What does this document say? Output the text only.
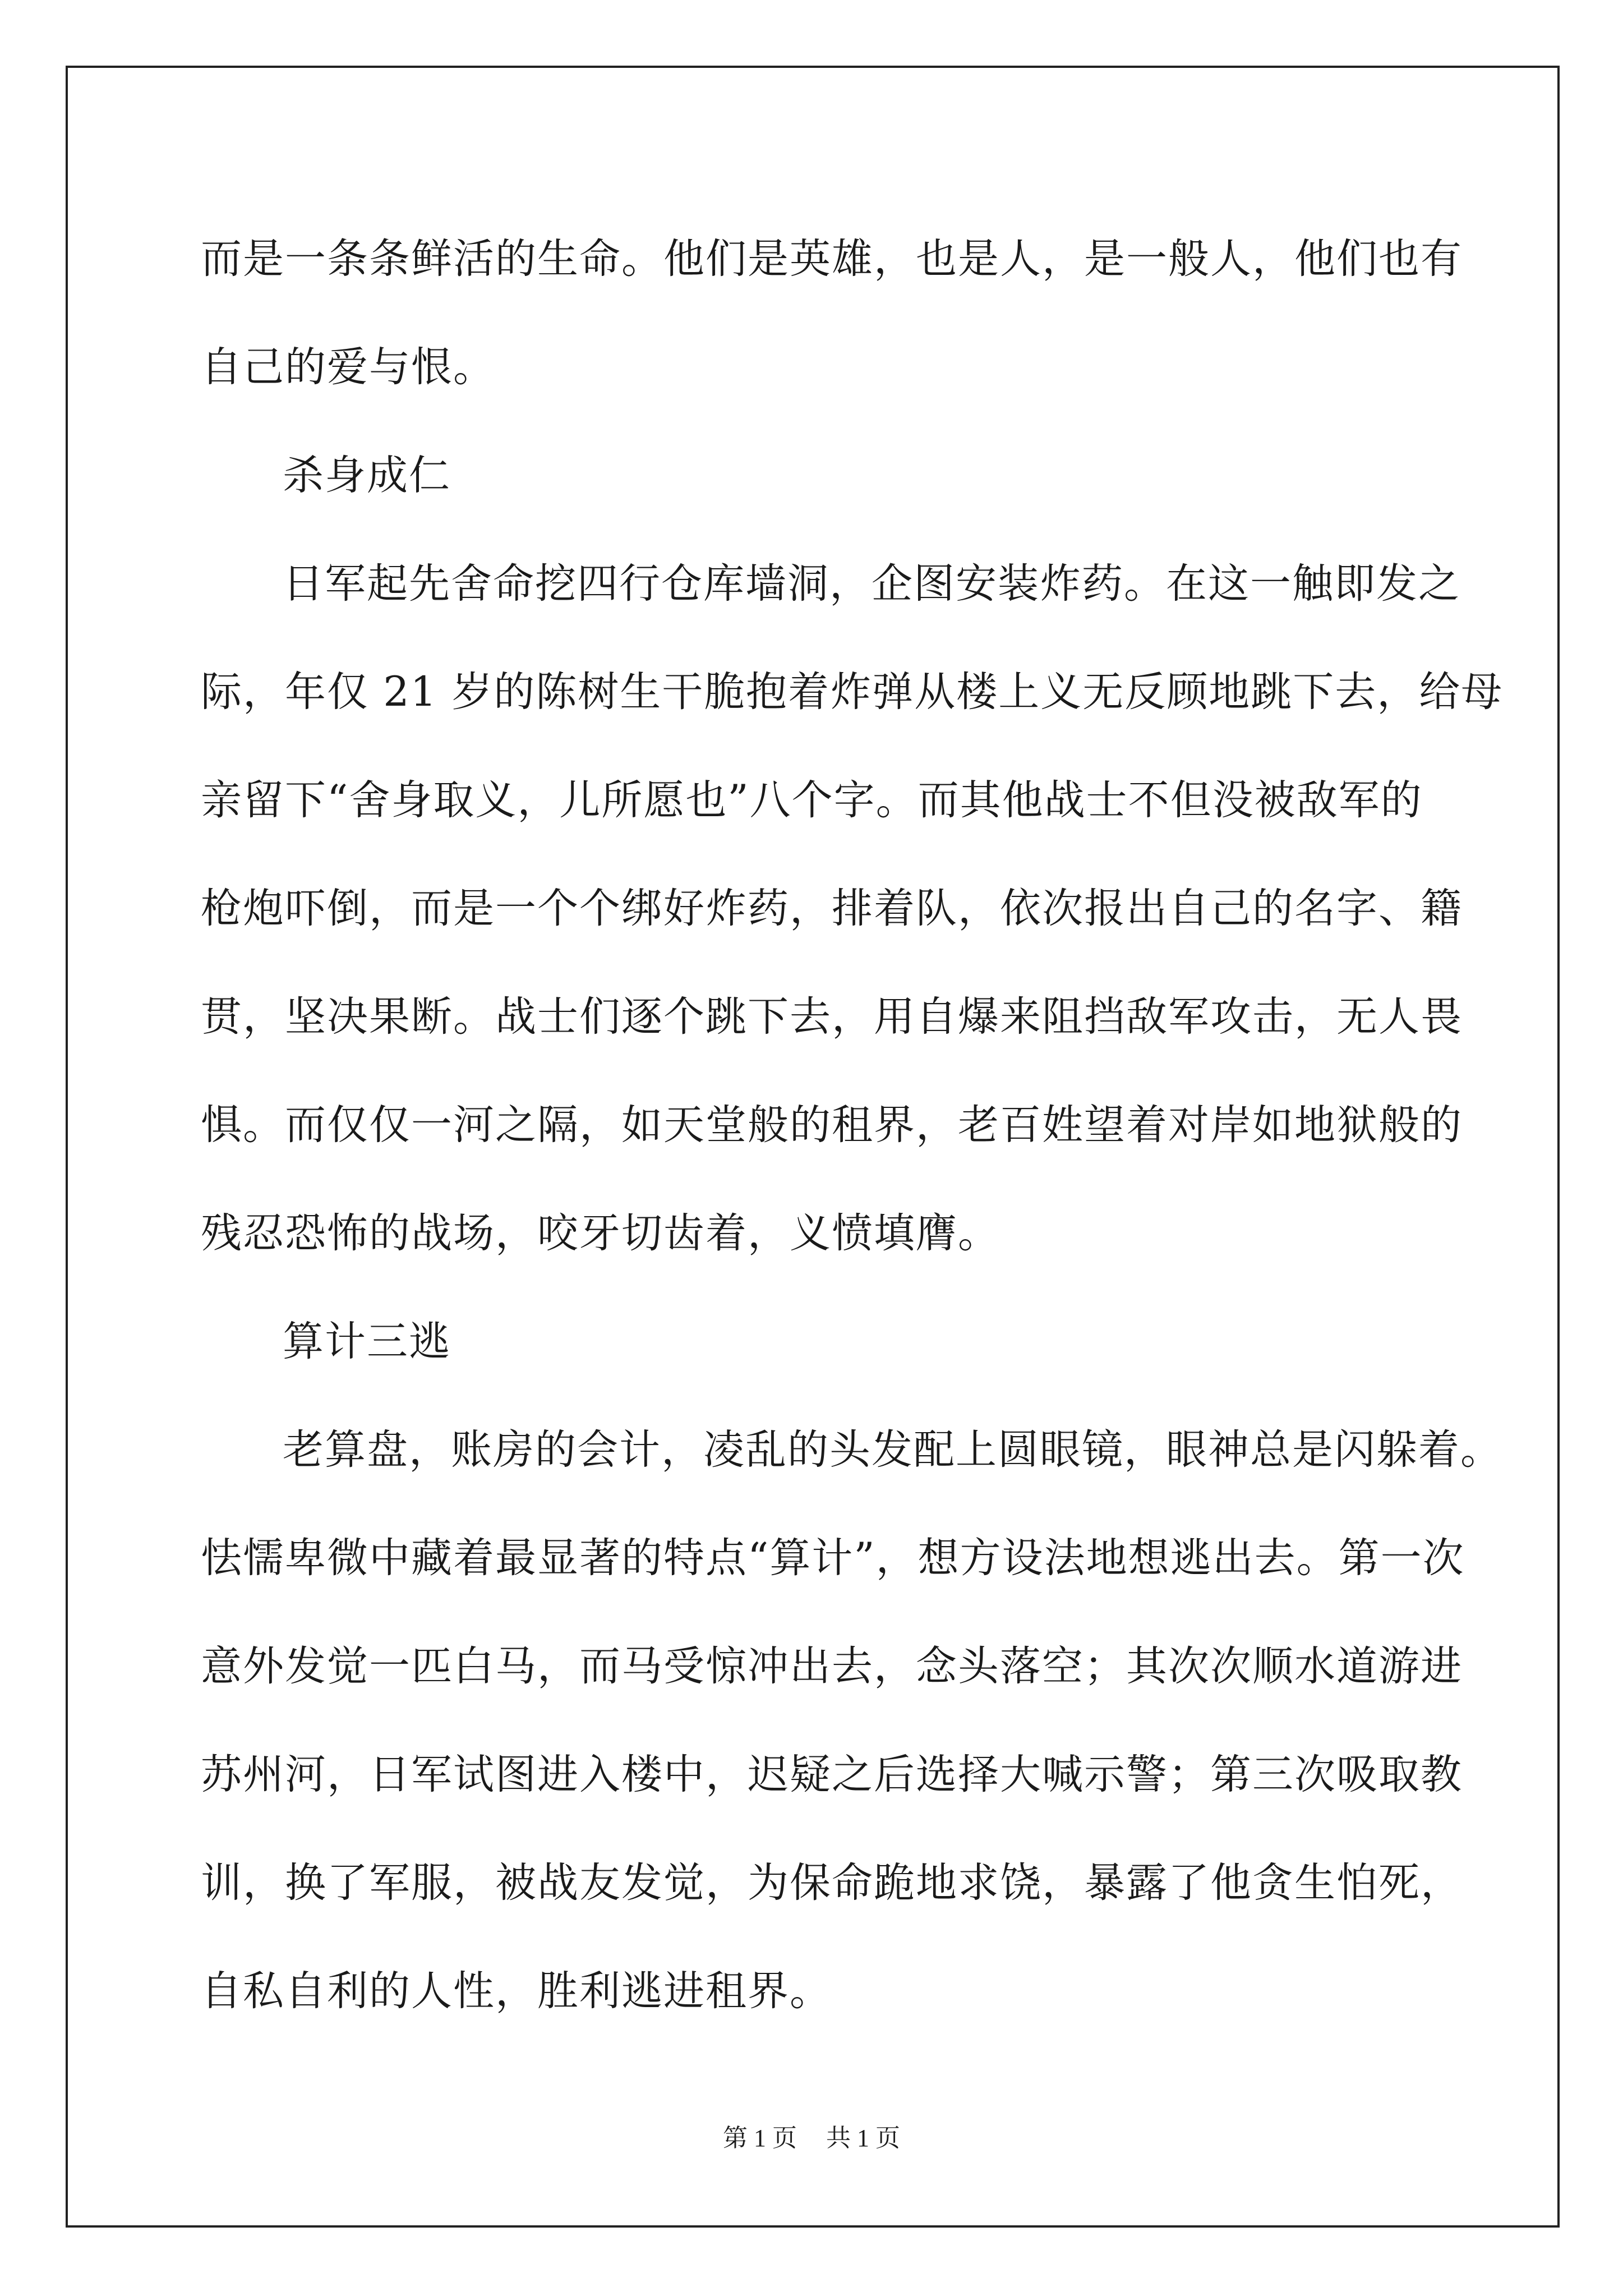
而是一条条鲜活的生命。他们是英雄，也是人，是一般人，他们也有
自己的爱与恨。
杀身成仁
日军起先舍命挖四行仓库墙洞，企图安装炸药。在这一触即发之
际，年仅 21 岁的陈树生干脆抱着炸弹从楼上义无反顾地跳下去，给母
亲留下“舍身取义，儿所愿也”八个字。而其他战士不但没被敌军的
枪炮吓倒，而是一个个绑好炸药，排着队，依次报出自己的名字、籍
贯，坚决果断。战士们逐个跳下去，用自爆来阻挡敌军攻击，无人畏
惧。而仅仅一河之隔，如天堂般的租界，老百姓望着对岸如地狱般的
残忍恐怖的战场，咬牙切齿着，义愤填膺。
算计三逃
老算盘，账房的会计，凌乱的头发配上圆眼镜，眼神总是闪躲着。
怯懦卑微中藏着最显著的特点“算计”，想方设法地想逃出去。第一次
意外发觉一匹白马，而马受惊冲出去，念头落空；其次次顺水道游进
苏州河，日军试图进入楼中，迟疑之后选择大喊示警；第三次吸取教
训，换了军服，被战友发觉，为保命跪地求饶，暴露了他贪生怕死，
自私自利的人性，胜利逃进租界。
第 1 页 共 1 页
